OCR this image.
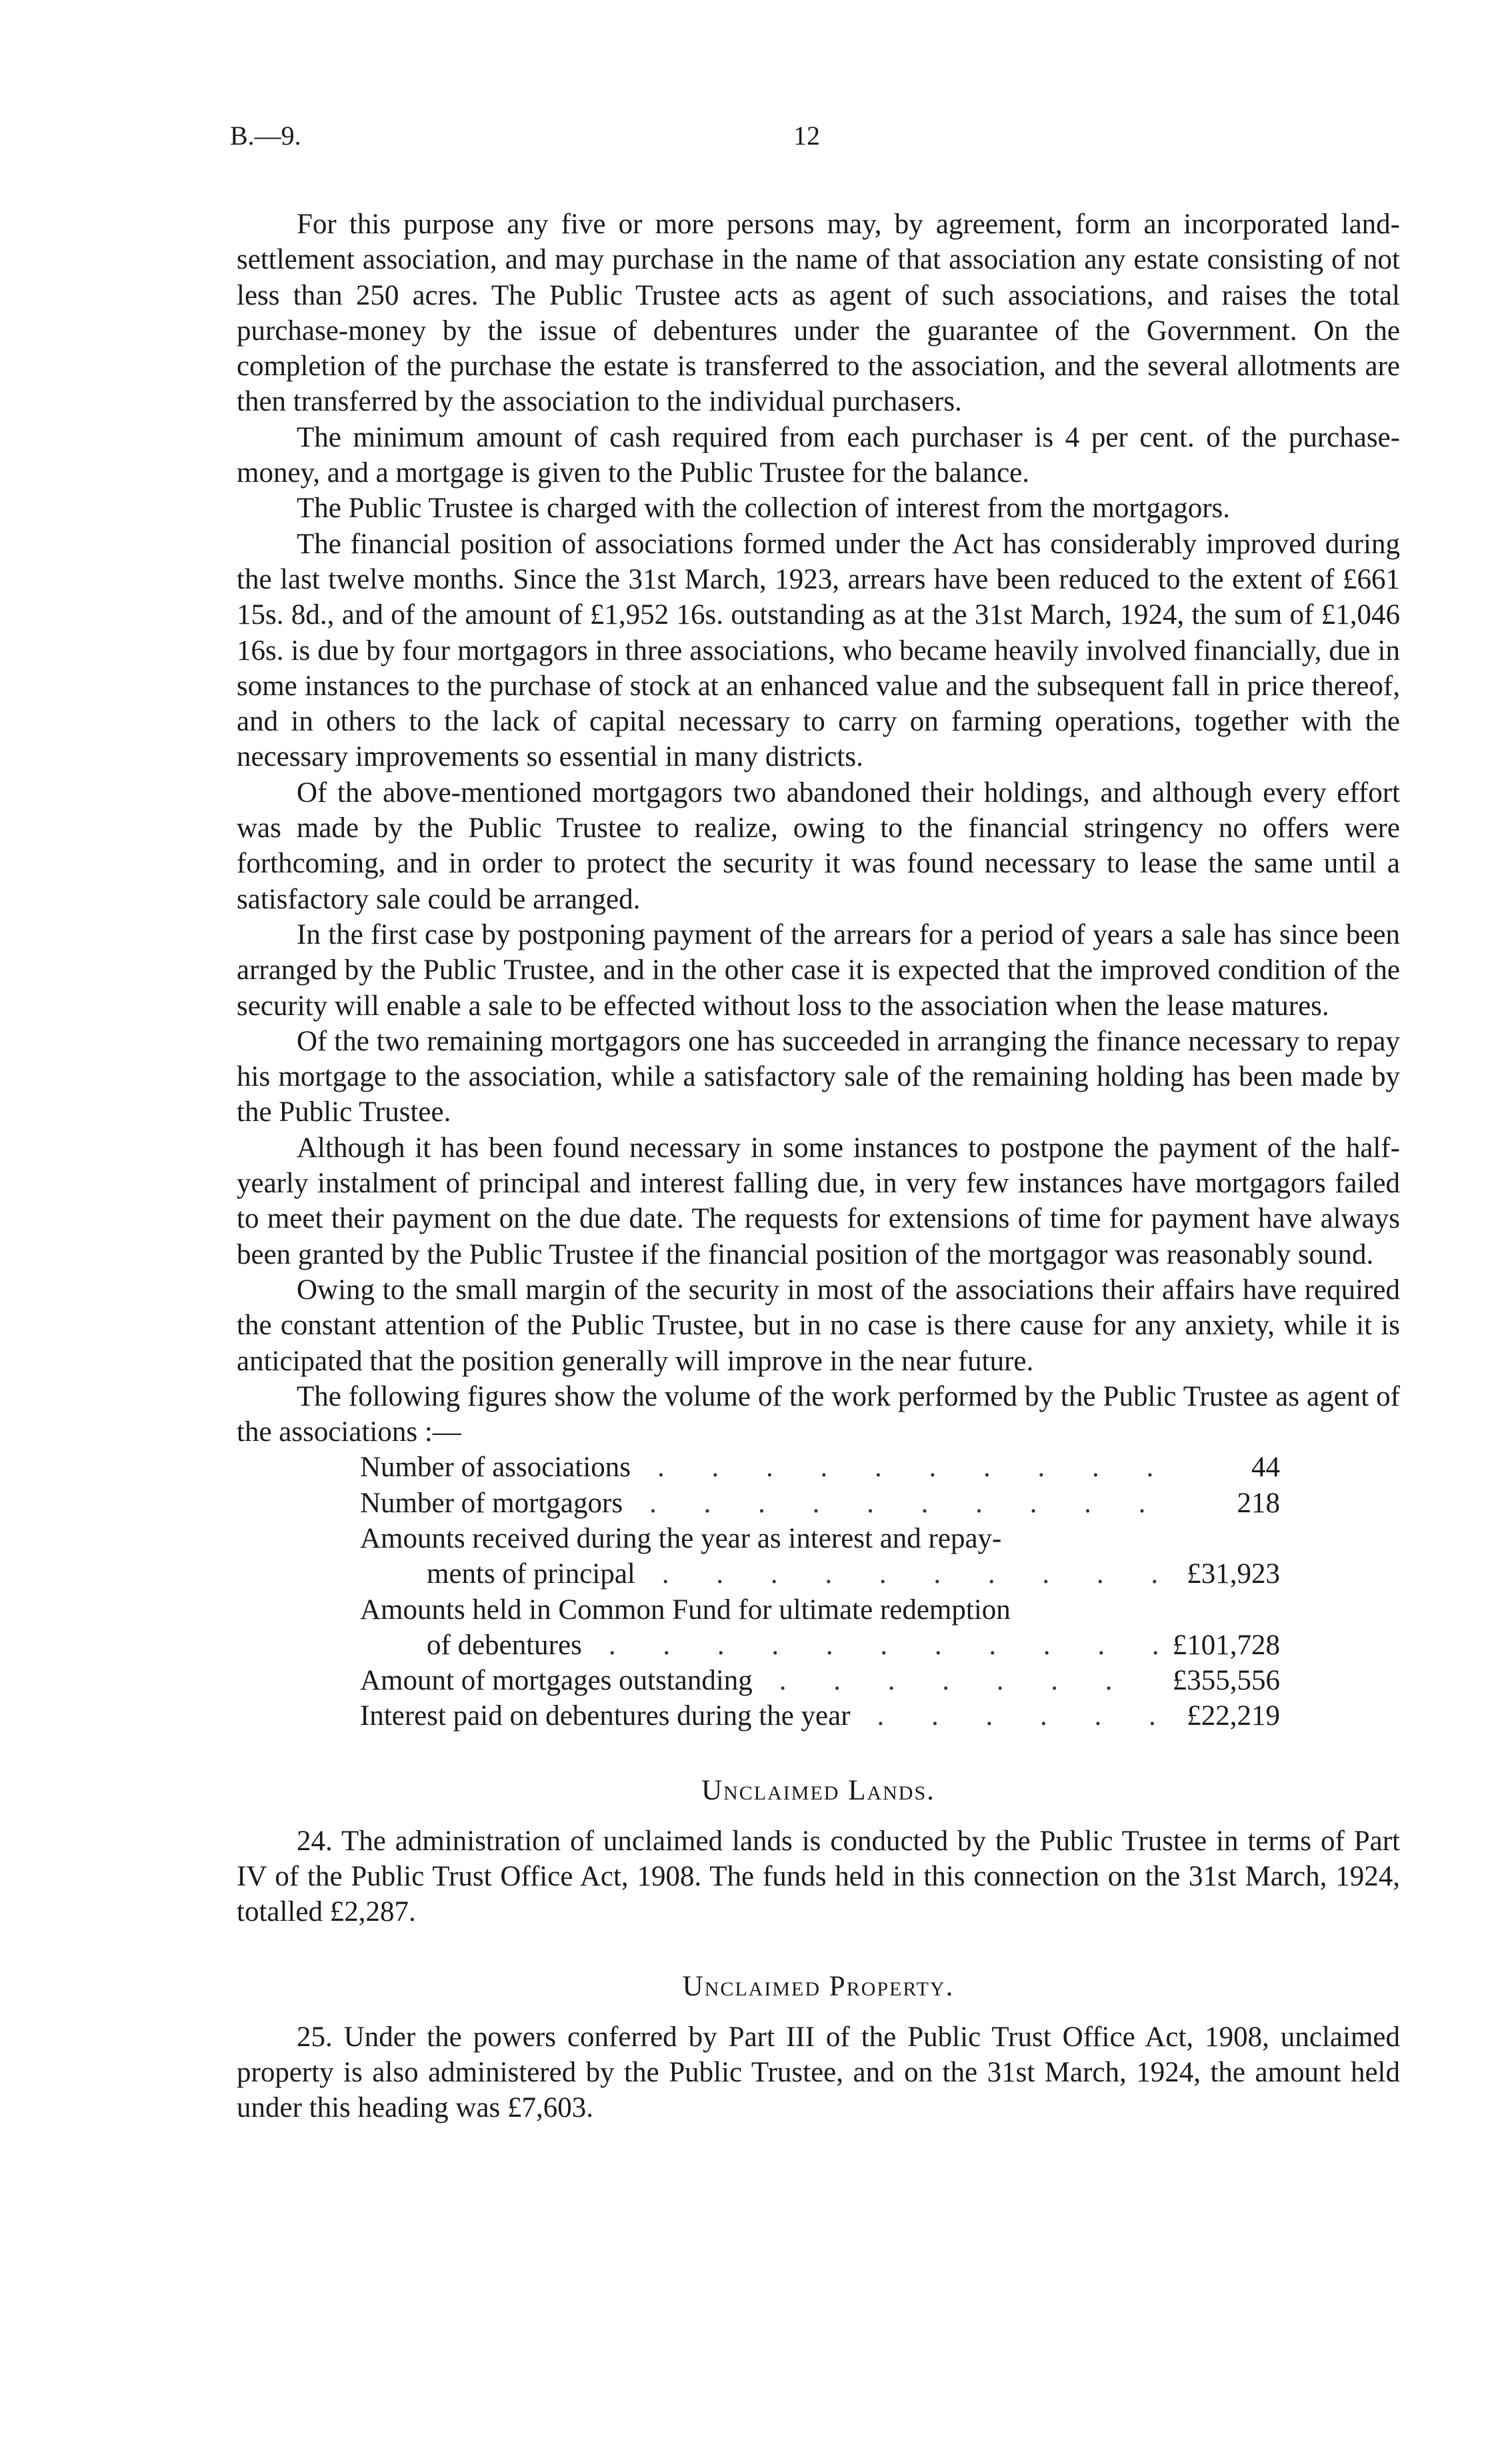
B.—9.	12

For this purpose any five or more persons may, by agreement, form an incorporated land-settlement association, and may purchase in the name of that association any estate consisting of not less than 250 acres. The Public Trustee acts as agent of such associations, and raises the total purchase-money by the issue of debentures under the guarantee of the Government. On the completion of the purchase the estate is transferred to the association, and the several allotments are then transferred by the association to the individual purchasers.

The minimum amount of cash required from each purchaser is 4 per cent. of the purchase-money, and a mortgage is given to the Public Trustee for the balance.

The Public Trustee is charged with the collection of interest from the mortgagors.

The financial position of associations formed under the Act has considerably improved during the last twelve months. Since the 31st March, 1923, arrears have been reduced to the extent of £661 15s. 8d., and of the amount of £1,952 16s. outstanding as at the 31st March, 1924, the sum of £1,046 16s. is due by four mortgagors in three associations, who became heavily involved financially, due in some instances to the purchase of stock at an enhanced value and the subsequent fall in price thereof, and in others to the lack of capital necessary to carry on farming operations, together with the necessary improvements so essential in many districts.

Of the above-mentioned mortgagors two abandoned their holdings, and although every effort was made by the Public Trustee to realize, owing to the financial stringency no offers were forthcoming, and in order to protect the security it was found necessary to lease the same until a satisfactory sale could be arranged.

In the first case by postponing payment of the arrears for a period of years a sale has since been arranged by the Public Trustee, and in the other case it is expected that the improved condition of the security will enable a sale to be effected without loss to the association when the lease matures.

Of the two remaining mortgagors one has succeeded in arranging the finance necessary to repay his mortgage to the association, while a satisfactory sale of the remaining holding has been made by the Public Trustee.

Although it has been found necessary in some instances to postpone the payment of the half-yearly instalment of principal and interest falling due, in very few instances have mortgagors failed to meet their payment on the due date. The requests for extensions of time for payment have always been granted by the Public Trustee if the financial position of the mortgagor was reasonably sound.

Owing to the small margin of the security in most of the associations their affairs have required the constant attention of the Public Trustee, but in no case is there cause for any anxiety, while it is anticipated that the position generally will improve in the near future.

The following figures show the volume of the work performed by the Public Trustee as agent of the associations :—

Number of associations . . .	44
Number of mortgagors . . .	218
Amounts received during the year as interest and repay-
ments of principal . . .	£31,923
Amounts held in Common Fund for ultimate redemption
of debentures . . .	£101,728
Amount of mortgages outstanding . . .	£355,556
Interest paid on debentures during the year . . .	£22,219
Unclaimed Lands.

24. The administration of unclaimed lands is conducted by the Public Trustee in terms of Part IV of the Public Trust Office Act, 1908. The funds held in this connection on the 31st March, 1924, totalled £2,287.

Unclaimed Property.

25. Under the powers conferred by Part III of the Public Trust Office Act, 1908, unclaimed property is also administered by the Public Trustee, and on the 31st March, 1924, the amount held under this heading was £7,603.
